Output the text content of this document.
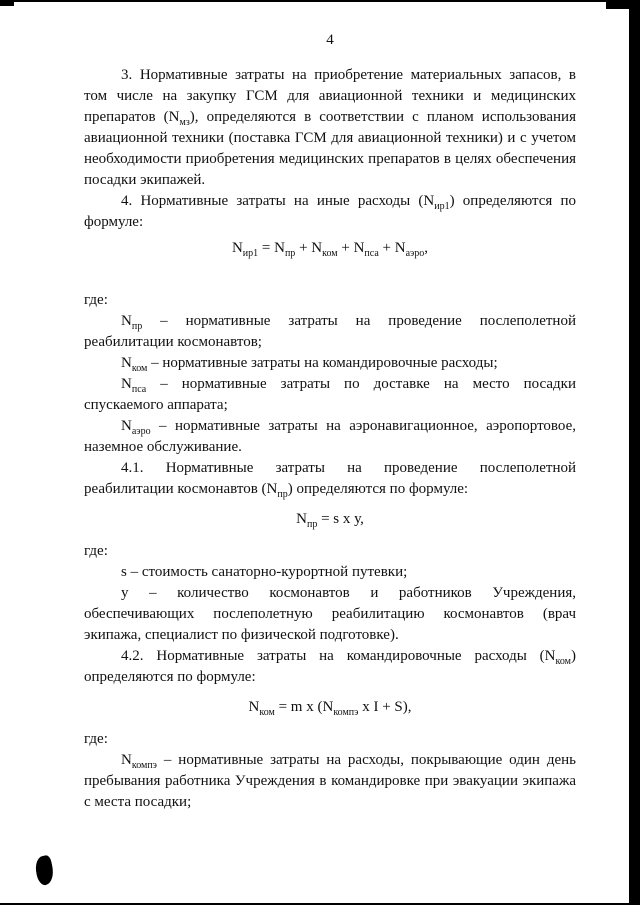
4

3. Нормативные затраты на приобретение материальных запасов, в том числе на закупку ГСМ для авиационной техники и медицинских препаратов $(N_{мз})$, определяются в соответствии с планом использования авиационной техники (поставка ГСМ для авиационной техники) и с учетом необходимости приобретения медицинских препаратов в целях обеспечения посадки экипажей.

4. Нормативные затраты на иные расходы $(N_{ир1})$ определяются по формуле:

$N_{ир1} = N_{пр} + N_{ком} + N_{пса} + N_{аэро}$,

где:

$N_{пр}$ – нормативные затраты на проведение послеполетной реабилитации космонавтов;

$N_{ком}$ – нормативные затраты на командировочные расходы;

$N_{пса}$ – нормативные затраты по доставке на место посадки спускаемого аппарата;

$N_{аэро}$ – нормативные затраты на аэронавигационное, аэропортовое, наземное обслуживание.

4.1. Нормативные затраты на проведение послеполетной реабилитации космонавтов $(N_{пр})$ определяются по формуле:

$N_{пр} = s$ x у,

где:

s – стоимость санаторно-курортной путевки;

у – количество космонавтов и работников Учреждения, обеспечивающих послеполетную реабилитацию космонавтов (врач экипажа, специалист по физической подготовке).

4.2. Нормативные затраты на командировочные расходы $(N_{ком})$ определяются по формуле:

$N_{ком} = m$ x ($N_{компэ}$ x I + S),

где:

$N_{компэ}$ – нормативные затраты на расходы, покрывающие один день пребывания работника Учреждения в командировке при эвакуации экипажа с места посадки;
